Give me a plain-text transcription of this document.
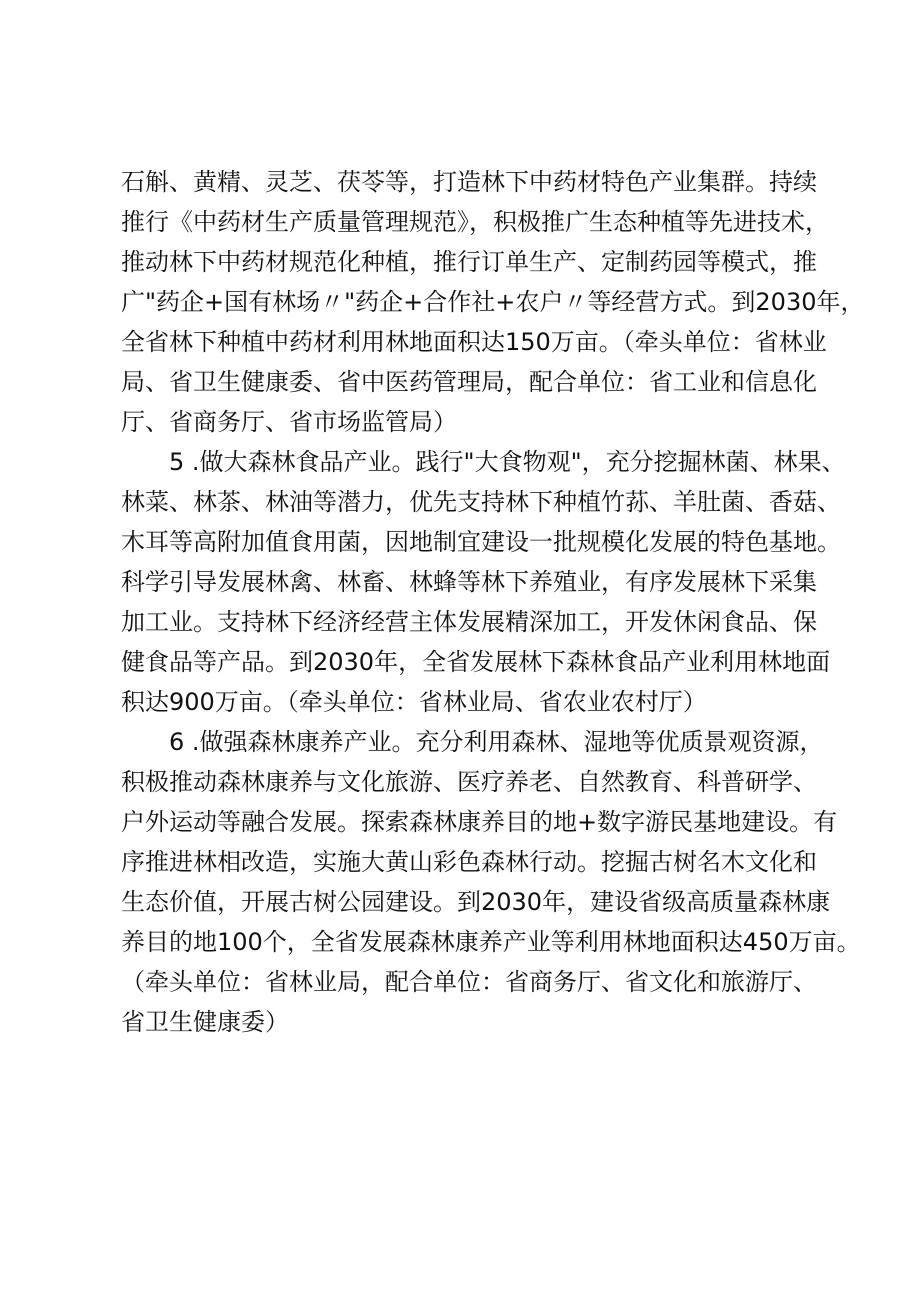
石斛、黄精、灵芝、茯苓等，打造林下中药材特色产业集群。持续
推行《中药材生产质量管理规范》，积极推广生态种植等先进技术，
推动林下中药材规范化种植，推行订单生产、定制药园等模式，推
广"药企+国有林场〃"药企+合作社+农户〃等经营方式。到2030年，
全省林下种植中药材利用林地面积达150万亩。（牵头单位：省林业
局、省卫生健康委、省中医药管理局，配合单位：省工业和信息化
厅、省商务厅、省市场监管局）
5 .做大森林食品产业。践行"大食物观"，充分挖掘林菌、林果、
林菜、林茶、林油等潜力，优先支持林下种植竹荪、羊肚菌、香菇、
木耳等高附加值食用菌，因地制宜建设一批规模化发展的特色基地。
科学引导发展林禽、林畜、林蜂等林下养殖业，有序发展林下采集
加工业。支持林下经济经营主体发展精深加工，开发休闲食品、保
健食品等产品。到2030年，全省发展林下森林食品产业利用林地面
积达900万亩。（牵头单位：省林业局、省农业农村厅）
6 .做强森林康养产业。充分利用森林、湿地等优质景观资源，
积极推动森林康养与文化旅游、医疗养老、自然教育、科普研学、
户外运动等融合发展。探索森林康养目的地+数字游民基地建设。有
序推进林相改造，实施大黄山彩色森林行动。挖掘古树名木文化和
生态价值，开展古树公园建设。到2030年，建设省级高质量森林康
养目的地100个，全省发展森林康养产业等利用林地面积达450万亩。
（牵头单位：省林业局，配合单位：省商务厅、省文化和旅游厅、
省卫生健康委）
